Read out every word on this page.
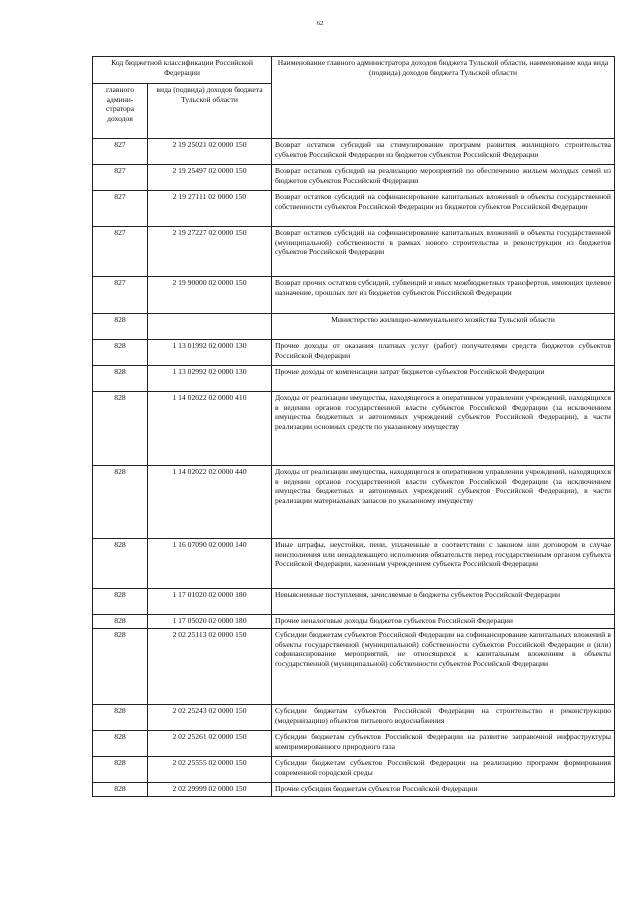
62
Код бюджетной классификации Российской Федерации		Наименование главного администратора доходов бюджета Тульской области, наименование кода вида (подвида) доходов бюджета Тульской области
главного админи-стратора доходов	вида (подвида) доходов бюджета Тульской области	
827	2 19 25021 02 0000 150	Возврат остатков субсидий на стимулирование программ развития жилищного строительства субъектов Российской Федерации из бюджетов субъектов Российской Федерации
827	2 19 25497 02 0000 150	Возврат остатков субсидий на реализацию мероприятий по обеспечению жильем молодых семей из бюджетов субъектов Российской Федерации
827	2 19 27111 02 0000 150	Возврат остатков субсидий на софинансирование капитальных вложений в объекты государственной собственности субъектов Российской Федерации из бюджетов субъектов Российской Федерации
827	2 19 27227 02 0000 150	Возврат остатков субсидий на софинансирование капитальных вложений в объекты государственной (муниципальной) собственности в рамках нового строительства и реконструкции из бюджетов субъектов Российской Федерации
827	2 19 90000 02 0000 150	Возврат прочих остатков субсидий, субвенций и иных межбюджетных трансфертов, имеющих целевое назначение, прошлых лет из бюджетов субъектов Российской Федерации
828		Министерство жилищно-коммунального хозяйства Тульской области
828	1 13 01992 02 0000 130	Прочие доходы от оказания платных услуг (работ) получателями средств бюджетов субъектов Российской Федерации
828	1 13 02992 02 0000 130	Прочие доходы от компенсации затрат бюджетов субъектов Российской Федерации
828	1 14 02022 02 0000 410	Доходы от реализации имущества, находящегося в оперативном управлении учреждений, находящихся в ведении органов государственной власти субъектов Российской Федерации (за исключением имущества бюджетных и автономных учреждений субъектов Российской Федерации), в части реализации основных средств по указанному имуществу
828	1 14 02022 02 0000 440	Доходы от реализации имущества, находящегося в оперативном управлении учреждений, находящихся в ведении органов государственной власти субъектов Российской Федерации (за исключением имущества бюджетных и автономных учреждений субъектов Российской Федерации), в части реализации материальных запасов по указанному имуществу
828	1 16 07090 02 0000 140	Иные штрафы, неустойки, пени, уплаченные в соответствии с законом или договором в случае неисполнения или ненадлежащего исполнения обязательств перед государственным органом субъекта Российской Федерации, казенным учреждением субъекта Российской Федерации
828	1 17 01020 02 0000 180	Невыясненные поступления, зачисляемые в бюджеты субъектов Российской Федерации
828	1 17 05020 02 0000 180	Прочие неналоговые доходы бюджетов субъектов Российской Федерации
828	2 02 25113 02 0000 150	Субсидии бюджетам субъектов Российской Федерации на софинансирование капитальных вложений в объекты государственной (муниципальной) собственности субъектов Российской Федерации и (или) софинансирование мероприятий, не относящихся к капитальным вложениям в объекты государственной (муниципальной) собственности субъектов Российской Федерации
828	2 02 25243 02 0000 150	Субсидии бюджетам субъектов Российской Федерации на строительство и реконструкцию (модернизацию) объектов питьевого водоснабжения
828	2 02 25261 02 0000 150	Субсидии бюджетам субъектов Российской Федерации на развитие заправочной инфраструктуры компримированного природного газа
828	2 02 25555 02 0000 150	Субсидии бюджетам субъектов Российской Федерации на реализацию программ формирования современной городской среды
828	2 02 29999 02 0000 150	Прочие субсидии бюджетам субъектов Российской Федерации
